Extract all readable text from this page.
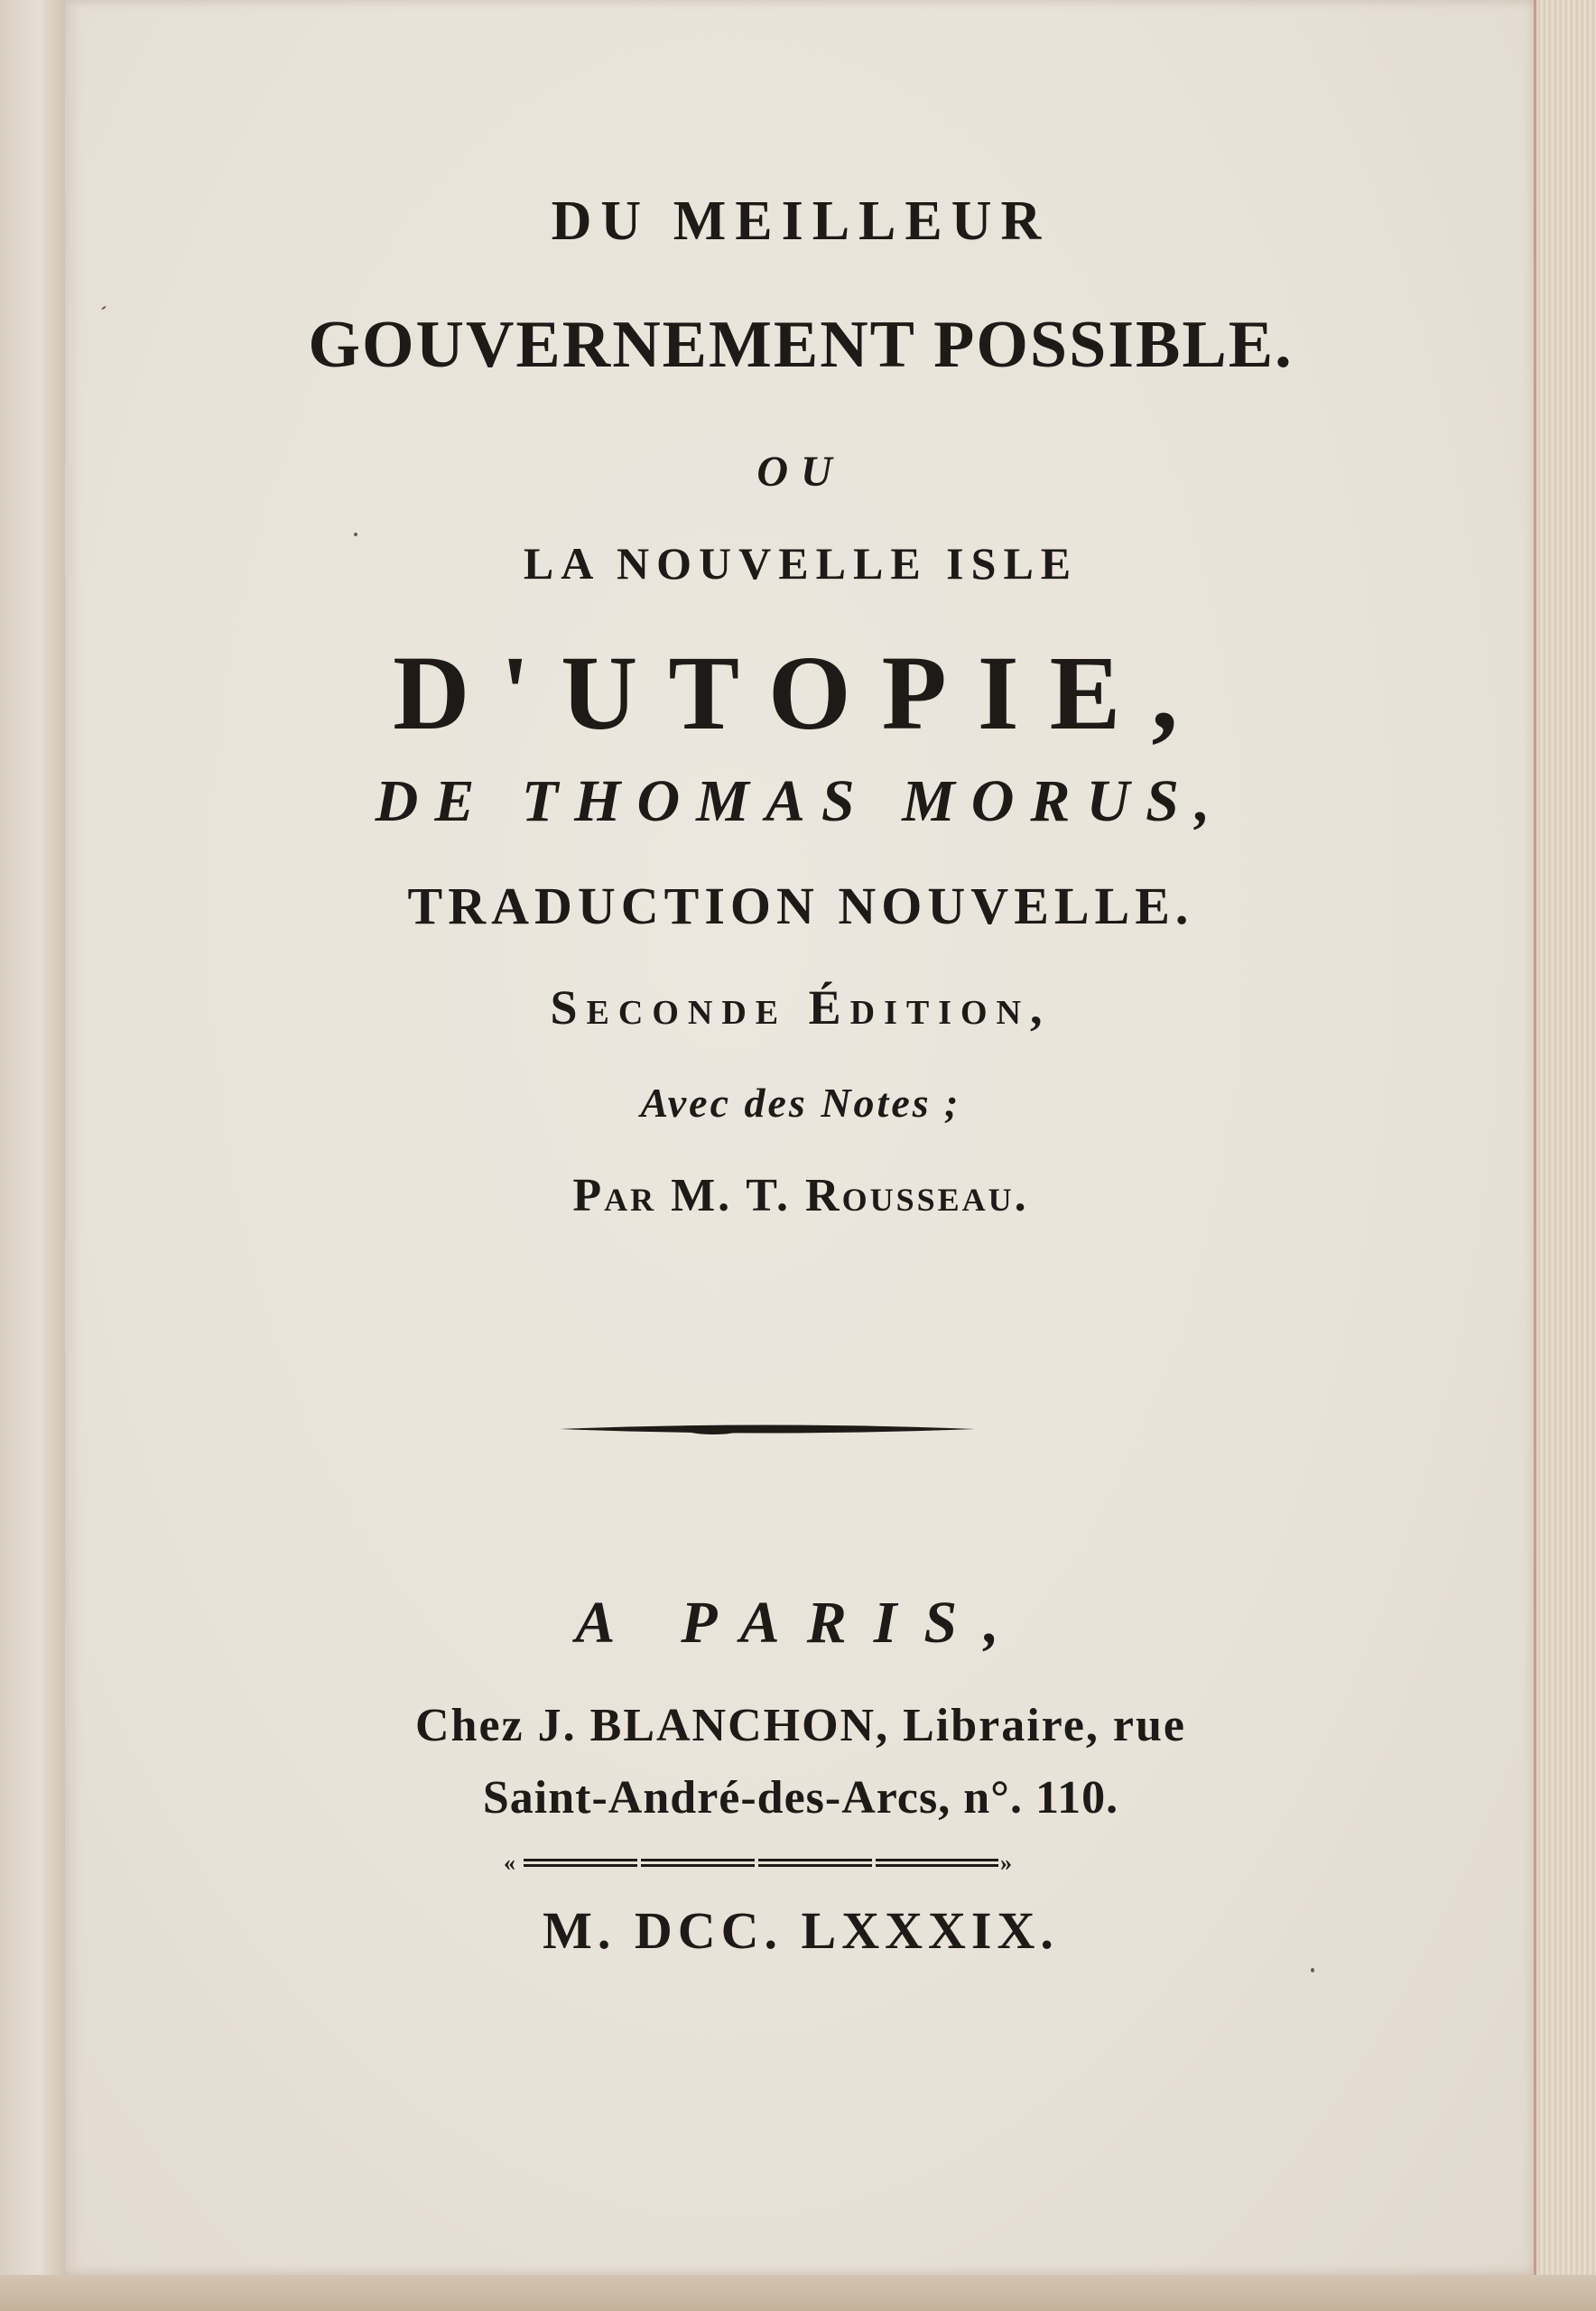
DU MEILLEUR

GOUVERNEMENT POSSIBLE.

OU

LA NOUVELLE ISLE

D'UTOPIE,

DE THOMAS MORUS,

TRADUCTION NOUVELLE.

Seconde Édition,

Avec des Notes ;

Par M. T. Rousseau.

A PARIS,

Chez J. BLANCHON, Libraire, rue

Saint-André-des-Arcs, n°. 110.

«	»

M. DCC. LXXXIX.
